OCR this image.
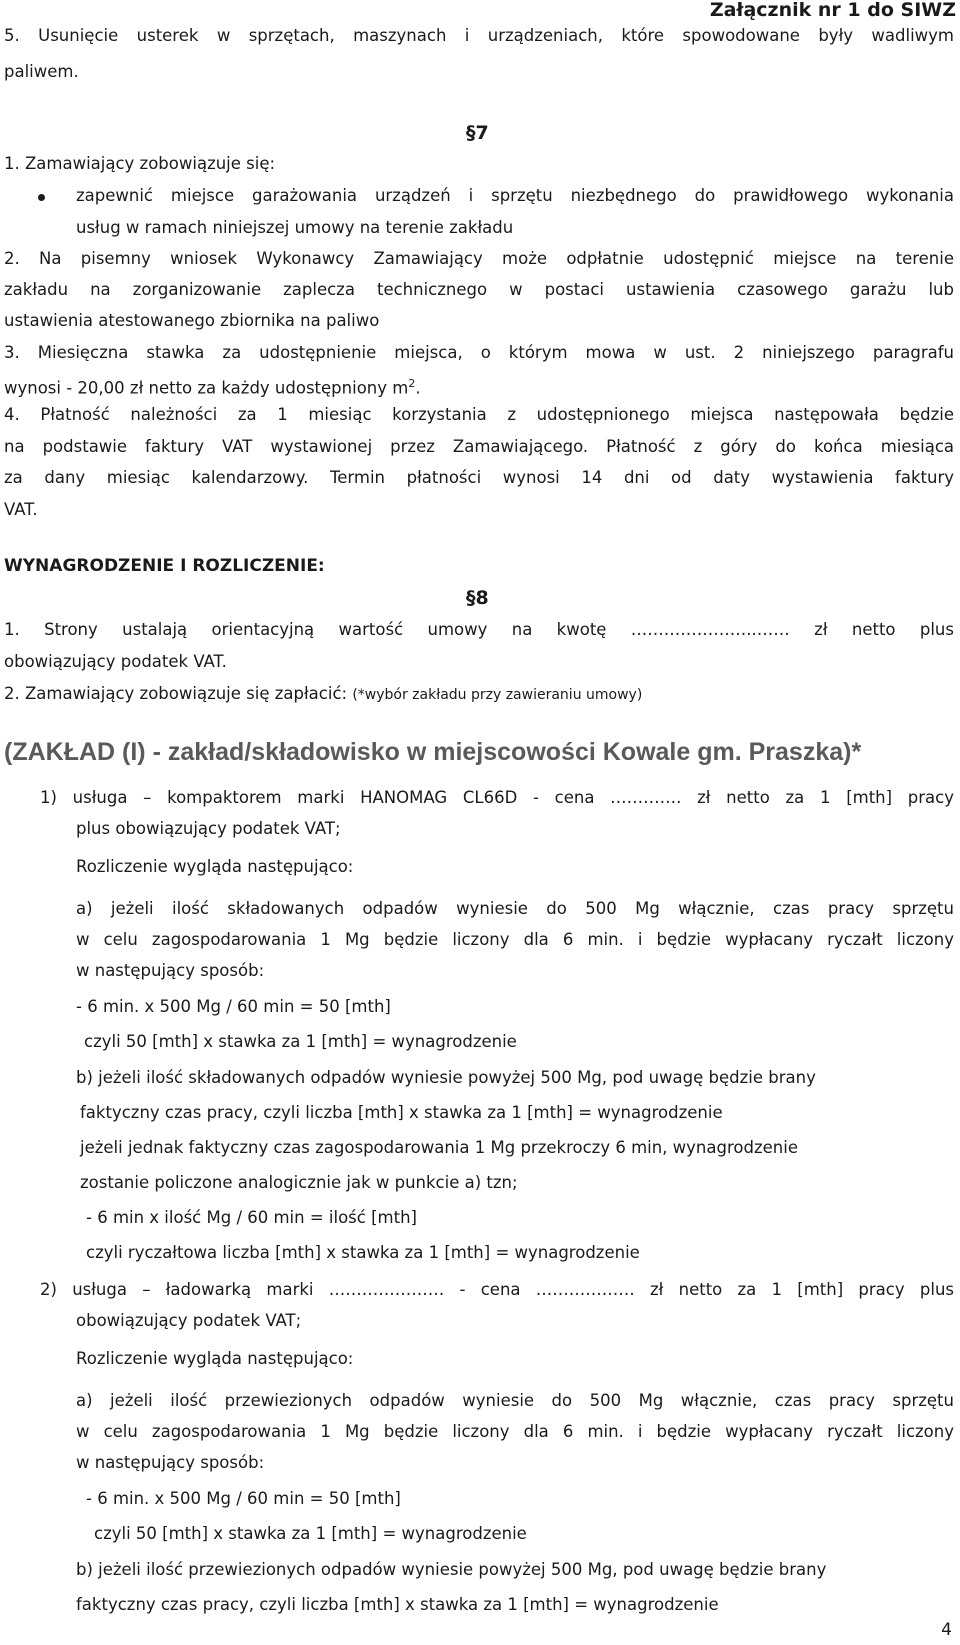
Załącznik nr 1 do SIWZ
5. Usunięcie usterek w sprzętach, maszynach i urządzeniach, które spowodowane były wadliwym
paliwem.
§7
1. Zamawiający zobowiązuje się:
zapewnić miejsce garażowania urządzeń i sprzętu niezbędnego do prawidłowego wykonania
usług w ramach niniejszej umowy na terenie zakładu
2. Na pisemny wniosek Wykonawcy Zamawiający może odpłatnie udostępnić miejsce na terenie
zakładu na zorganizowanie zaplecza technicznego w postaci ustawienia czasowego garażu lub
ustawienia atestowanego zbiornika na paliwo
3. Miesięczna stawka za udostępnienie miejsca, o którym mowa w ust. 2 niniejszego paragrafu
wynosi - 20,00 zł netto za każdy udostępniony $m^2$.
4. Płatność należności za 1 miesiąc korzystania z udostępnionego miejsca następowała będzie
na podstawie faktury VAT wystawionej przez Zamawiającego. Płatność z góry do końca miesiąca
za dany miesiąc kalendarzowy. Termin płatności wynosi 14 dni od daty wystawienia faktury
VAT.
WYNAGRODZENIE I ROZLICZENIE:
§8
1. Strony ustalają orientacyjną wartość umowy na kwotę …………………..…… zł netto plus
obowiązujący podatek VAT.
2. Zamawiający zobowiązuje się zapłacić: (*wybór zakładu przy zawieraniu umowy)
(ZAKŁAD (I) - zakład/składowisko w miejscowości Kowale gm. Praszka)*
1) usługa – kompaktorem marki HANOMAG CL66D - cena …………. zł netto za 1 [mth] pracy
plus obowiązujący podatek VAT;
Rozliczenie wygląda następująco:
a) jeżeli ilość składowanych odpadów wyniesie do 500 Mg włącznie, czas pracy sprzętu
w celu zagospodarowania 1 Mg będzie liczony dla 6 min. i będzie wypłacany ryczałt liczony
w następujący sposób:
- 6 min. x 500 Mg / 60 min = 50 [mth]
czyli 50 [mth] x stawka za 1 [mth] = wynagrodzenie
b) jeżeli ilość składowanych odpadów wyniesie powyżej 500 Mg, pod uwagę będzie brany
faktyczny czas pracy, czyli liczba [mth] x stawka za 1 [mth] = wynagrodzenie
jeżeli jednak faktyczny czas zagospodarowania 1 Mg przekroczy 6 min, wynagrodzenie
zostanie policzone analogicznie jak w punkcie a) tzn;
- 6 min x ilość Mg / 60 min = ilość [mth]
czyli ryczałtowa liczba [mth] x stawka za 1 [mth] = wynagrodzenie
2) usługa – ładowarką marki ………………… - cena ……………… zł netto za 1 [mth] pracy plus
obowiązujący podatek VAT;
Rozliczenie wygląda następująco:
a) jeżeli ilość przewiezionych odpadów wyniesie do 500 Mg włącznie, czas pracy sprzętu
w celu zagospodarowania 1 Mg będzie liczony dla 6 min. i będzie wypłacany ryczałt liczony
w następujący sposób:
- 6 min. x 500 Mg / 60 min = 50 [mth]
czyli 50 [mth] x stawka za 1 [mth] = wynagrodzenie
b) jeżeli ilość przewiezionych odpadów wyniesie powyżej 500 Mg, pod uwagę będzie brany
faktyczny czas pracy, czyli liczba [mth] x stawka za 1 [mth] = wynagrodzenie
4
